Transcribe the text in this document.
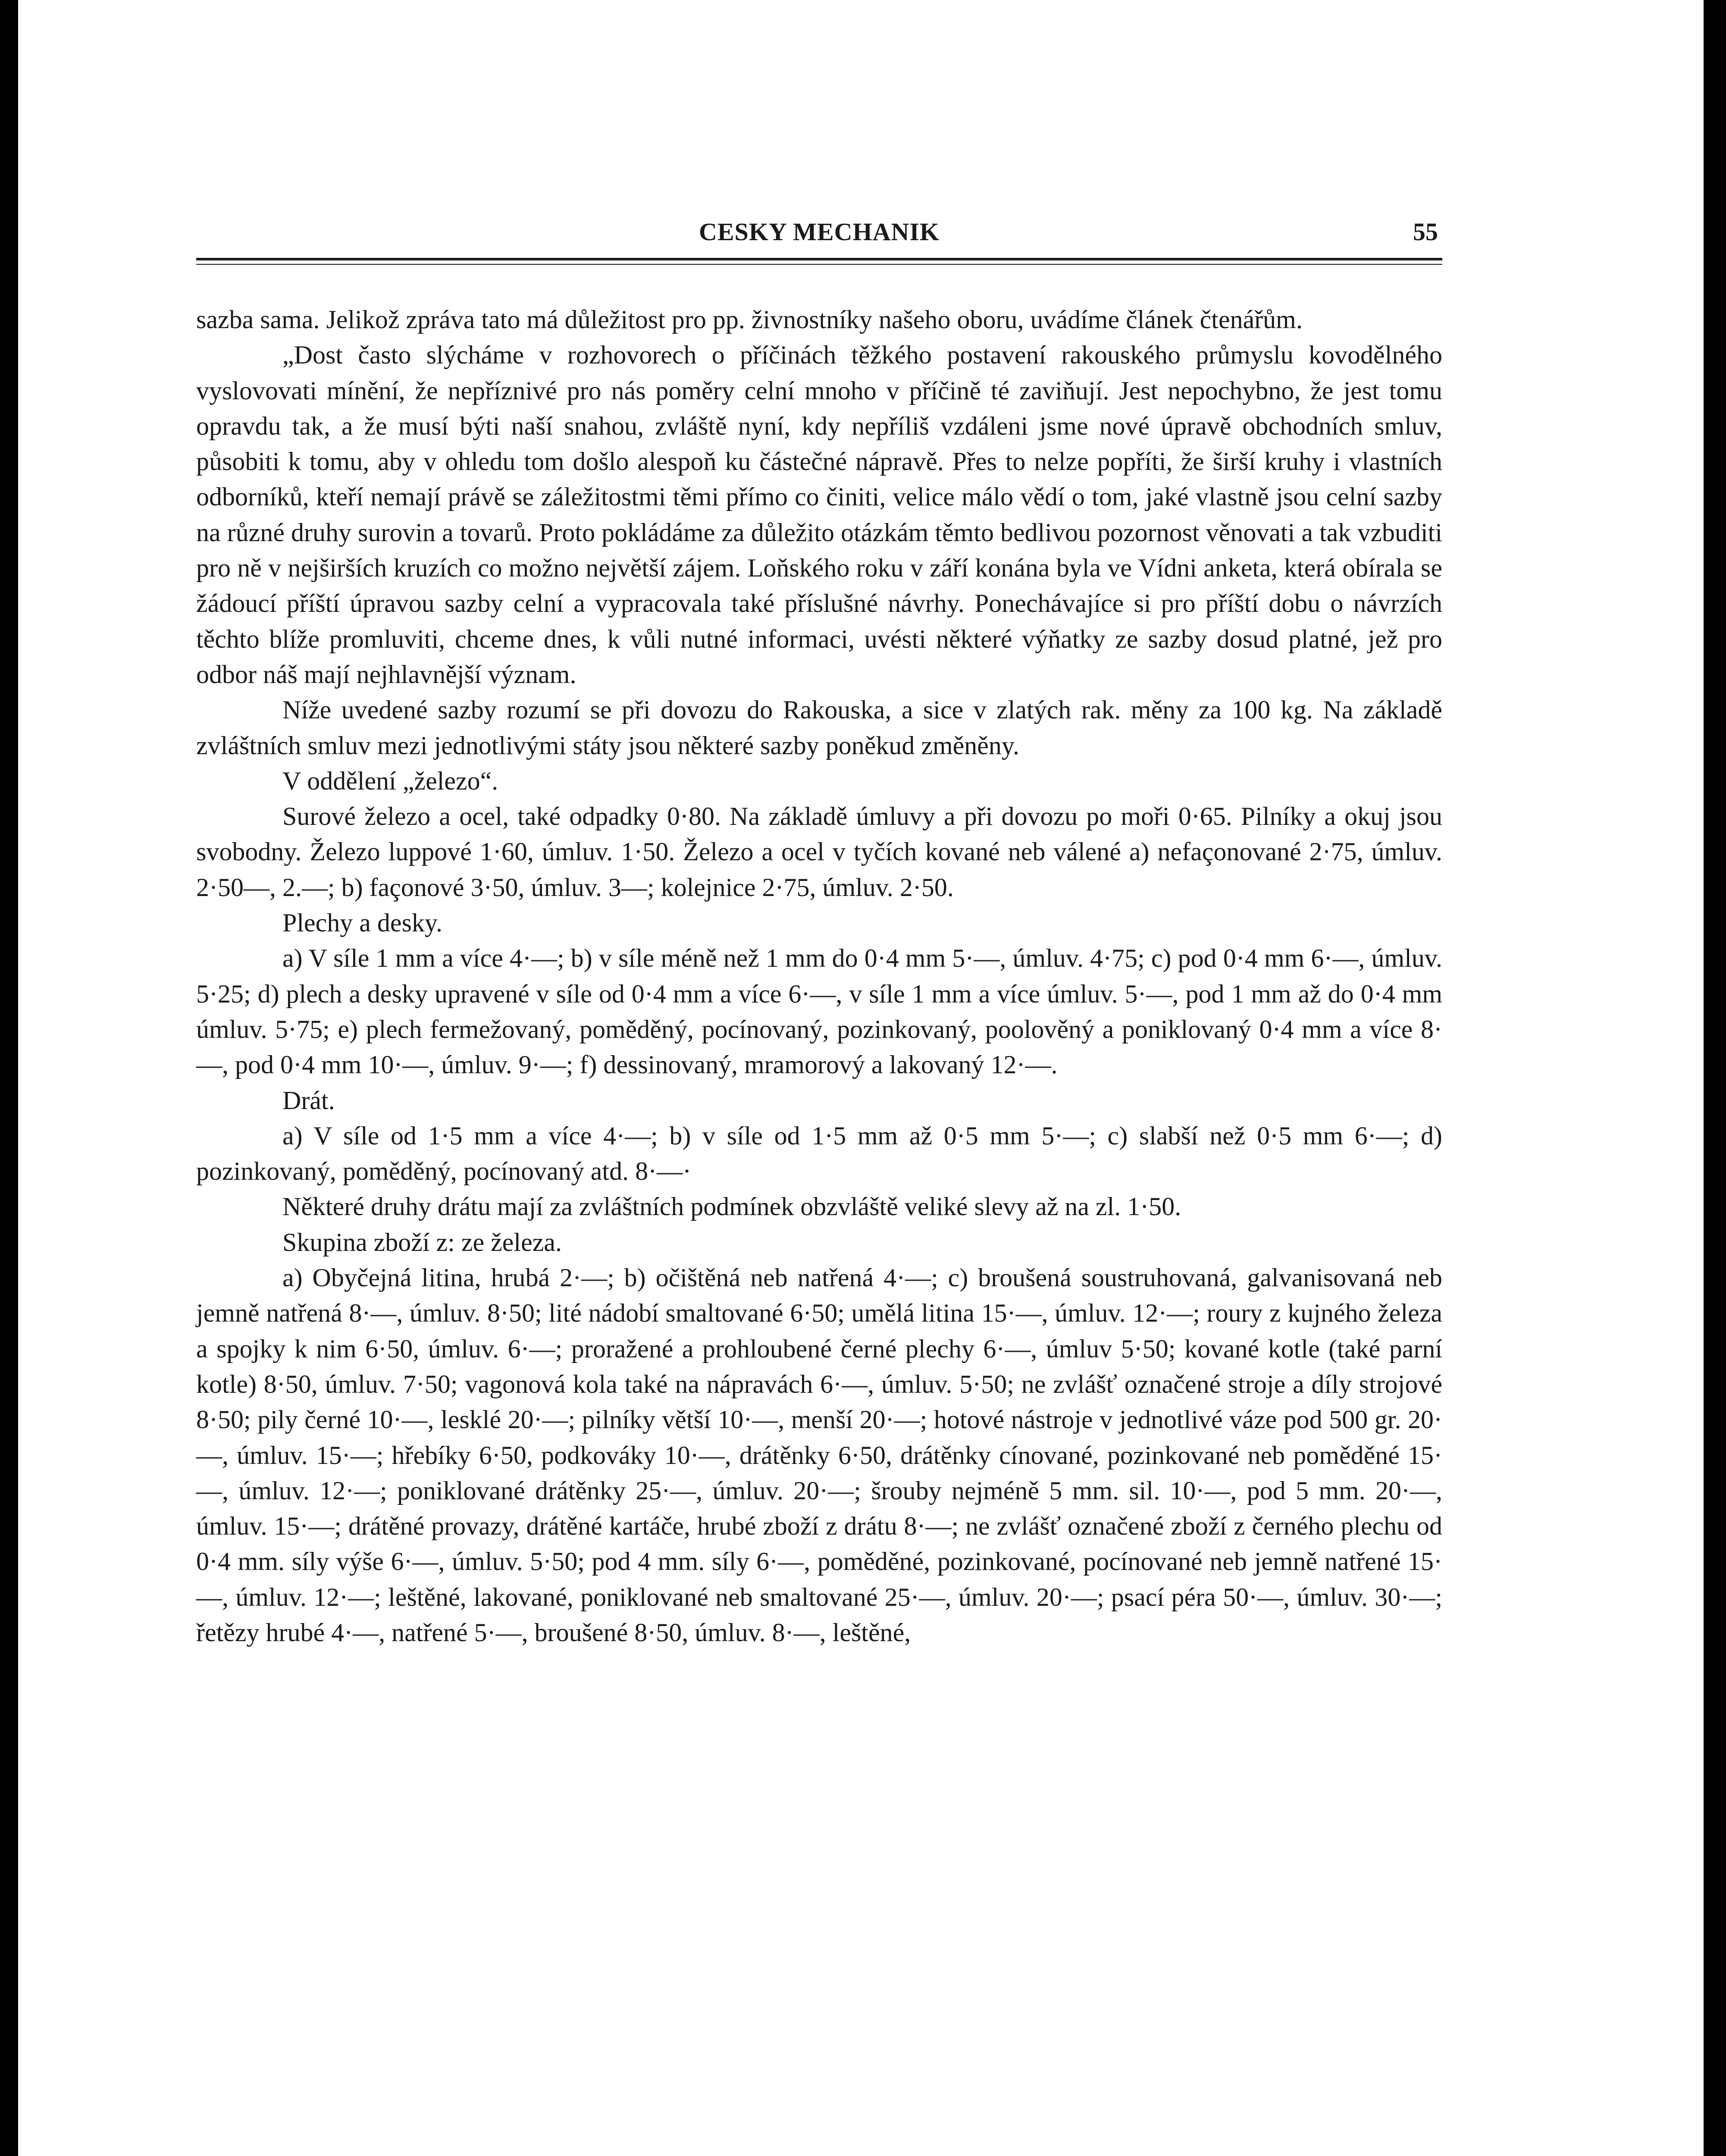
CESKY MECHANIK	55

sazba sama. Jelikož zpráva tato má důležitost pro pp. živnostníky našeho oboru, uvádíme článek čtenářům.

„Dost často slýcháme v rozhovorech o příčinách těžkého postavení rakouského průmyslu kovodělného vyslovovati mínění, že nepříznivé pro nás poměry celní mnoho v příčině té zaviňují. Jest nepochybno, že jest tomu opravdu tak, a že musí býti naší snahou, zvláště nyní, kdy nepříliš vzdáleni jsme nové úpravě obchodních smluv, působiti k tomu, aby v ohledu tom došlo alespoň ku částečné nápravě. Přes to nelze popříti, že širší kruhy i vlastních odborníků, kteří nemají právě se záležitostmi těmi přímo co činiti, velice málo vědí o tom, jaké vlastně jsou celní sazby na různé druhy surovin a tovarů. Proto pokládáme za důležito otázkám těmto bedlivou pozornost věnovati a tak vzbuditi pro ně v nejširších kruzích co možno největší zájem. Loňského roku v září konána byla ve Vídni anketa, která obírala se žádoucí příští úpravou sazby celní a vypracovala také příslušné návrhy. Ponechávajíce si pro příští dobu o návrzích těchto blíže promluviti, chceme dnes, k vůli nutné informaci, uvésti některé výňatky ze sazby dosud platné, jež pro odbor náš mají nejhlavnější význam.

Níže uvedené sazby rozumí se při dovozu do Rakouska, a sice v zlatých rak. měny za 100 kg. Na základě zvláštních smluv mezi jednotlivými státy jsou některé sazby poněkud změněny.

V oddělení „železo“.

Surové železo a ocel, také odpadky 0·80. Na základě úmluvy a při dovozu po moři 0·65. Pilníky a okuj jsou svobodny. Železo luppové 1·60, úmluv. 1·50. Železo a ocel v tyčích kované neb válené a) nefaçonované 2·75, úmluv. 2·50—, 2.—; b) façonové 3·50, úmluv. 3—; kolejnice 2·75, úmluv. 2·50.

Plechy a desky.

a) V síle 1 mm a více 4·—; b) v síle méně než 1 mm do 0·4 mm 5·—, úmluv. 4·75; c) pod 0·4 mm 6·—, úmluv. 5·25; d) plech a desky upravené v síle od 0·4 mm a více 6·—, v síle 1 mm a více úmluv. 5·—, pod 1 mm až do 0·4 mm úmluv. 5·75; e) plech fermežovaný, poměděný, pocínovaný, pozinkovaný, poolověný a poniklovaný 0·4 mm a více 8·—, pod 0·4 mm 10·—, úmluv. 9·—; f) dessinovaný, mramorový a lakovaný 12·—.

Drát.

a) V síle od 1·5 mm a více 4·—; b) v síle od 1·5 mm až 0·5 mm 5·—; c) slabší než 0·5 mm 6·—; d) pozinkovaný, poměděný, pocínovaný atd. 8·—·

Některé druhy drátu mají za zvláštních podmínek obzvláště veliké slevy až na zl. 1·50.

Skupina zboží z: ze železa.

a) Obyčejná litina, hrubá 2·—; b) očištěná neb natřená 4·—; c) broušená soustruhovaná, galvanisovaná neb jemně natřená 8·—, úmluv. 8·50; lité nádobí smaltované 6·50; umělá litina 15·—, úmluv. 12·—; roury z kujného železa a spojky k nim 6·50, úmluv. 6·—; proražené a prohloubené černé plechy 6·—, úmluv 5·50; kované kotle (také parní kotle) 8·50, úmluv. 7·50; vagonová kola také na nápravách 6·—, úmluv. 5·50; ne zvlášť označené stroje a díly strojové 8·50; pily černé 10·—, lesklé 20·—; pilníky větší 10·—, menší 20·—; hotové nástroje v jednotlivé váze pod 500 gr. 20·—, úmluv. 15·—; hřebíky 6·50, podkováky 10·—, drátěnky 6·50, drátěnky cínované, pozinkované neb poměděné 15·—, úmluv. 12·—; poniklované drátěnky 25·—, úmluv. 20·—; šrouby nejméně 5 mm. sil. 10·—, pod 5 mm. 20·—, úmluv. 15·—; drátěné provazy, drátěné kartáče, hrubé zboží z drátu 8·—; ne zvlášť označené zboží z černého plechu od 0·4 mm. síly výše 6·—, úmluv. 5·50; pod 4 mm. síly 6·—, poměděné, pozinkované, pocínované neb jemně natřené 15·—, úmluv. 12·—; leštěné, lakované, poniklované neb smaltované 25·—, úmluv. 20·—; psací péra 50·—, úmluv. 30·—; řetězy hrubé 4·—, natřené 5·—, broušené 8·50, úmluv. 8·—, leštěné,
